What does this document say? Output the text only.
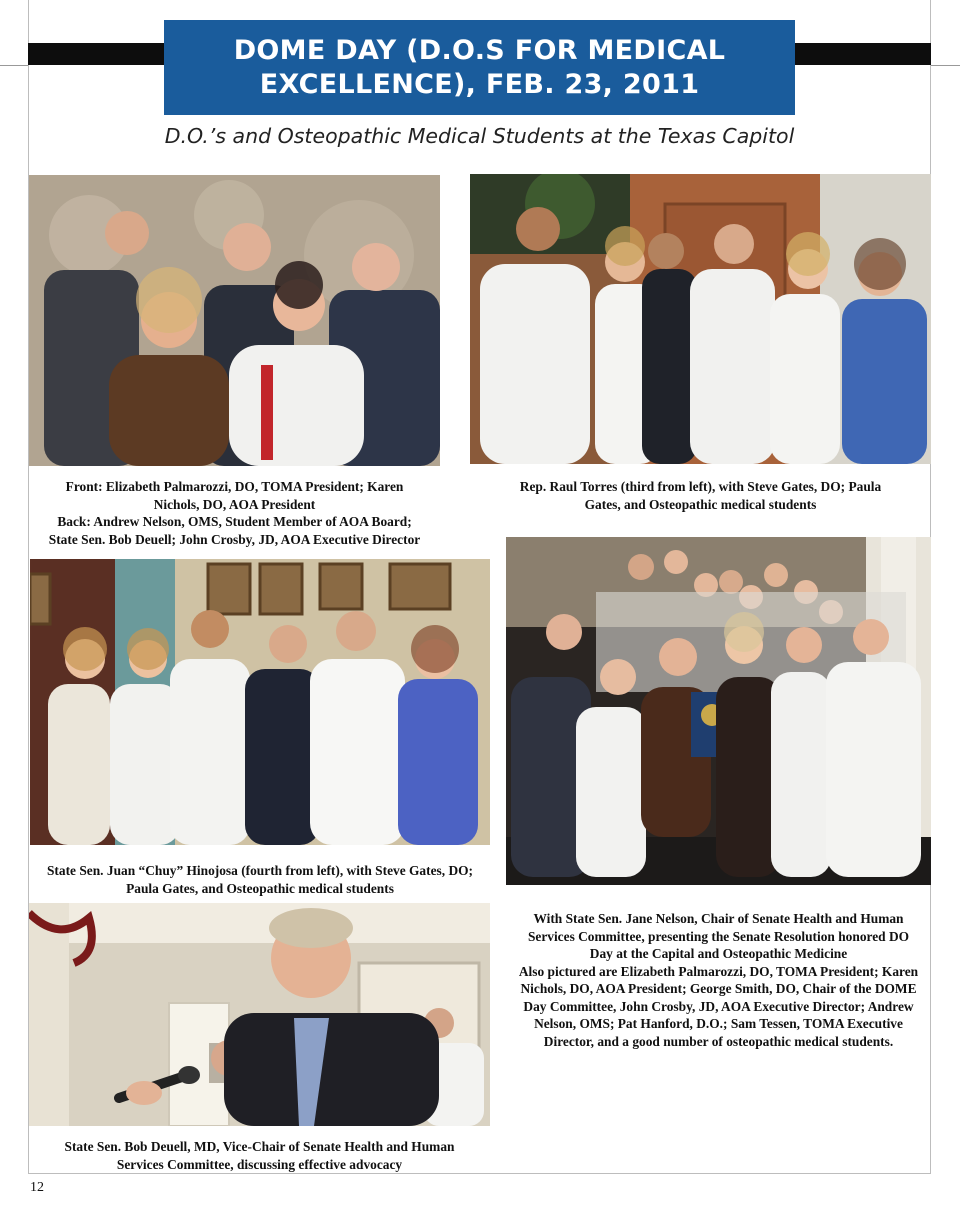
DOME DAY (D.O.S FOR MEDICAL EXCELLENCE), FEB. 23, 2011
D.O.’s and Osteopathic Medical Students at the Texas Capitol
Front: Elizabeth Palmarozzi, DO, TOMA President; Karen
Nichols, DO, AOA President
Back: Andrew Nelson, OMS, Student Member of AOA Board;
State Sen. Bob Deuell; John Crosby, JD, AOA Executive Director
Rep. Raul Torres (third from left), with Steve Gates, DO; Paula
Gates, and Osteopathic medical students
State Sen. Juan “Chuy” Hinojosa (fourth from left), with Steve Gates, DO;
Paula Gates, and Osteopathic medical students
With State Sen. Jane Nelson, Chair of Senate Health and Human
Services Committee, presenting the Senate Resolution honored DO
Day at the Capital and Osteopathic Medicine
Also pictured are Elizabeth Palmarozzi, DO, TOMA President; Karen
Nichols, DO, AOA President; George Smith, DO, Chair of the DOME
Day Committee, John Crosby, JD, AOA Executive Director; Andrew
Nelson, OMS; Pat Hanford, D.O.; Sam Tessen, TOMA Executive
Director, and a good number of osteopathic medical students.
State Sen. Bob Deuell, MD, Vice-Chair of Senate Health and Human
Services Committee, discussing effective advocacy
12
